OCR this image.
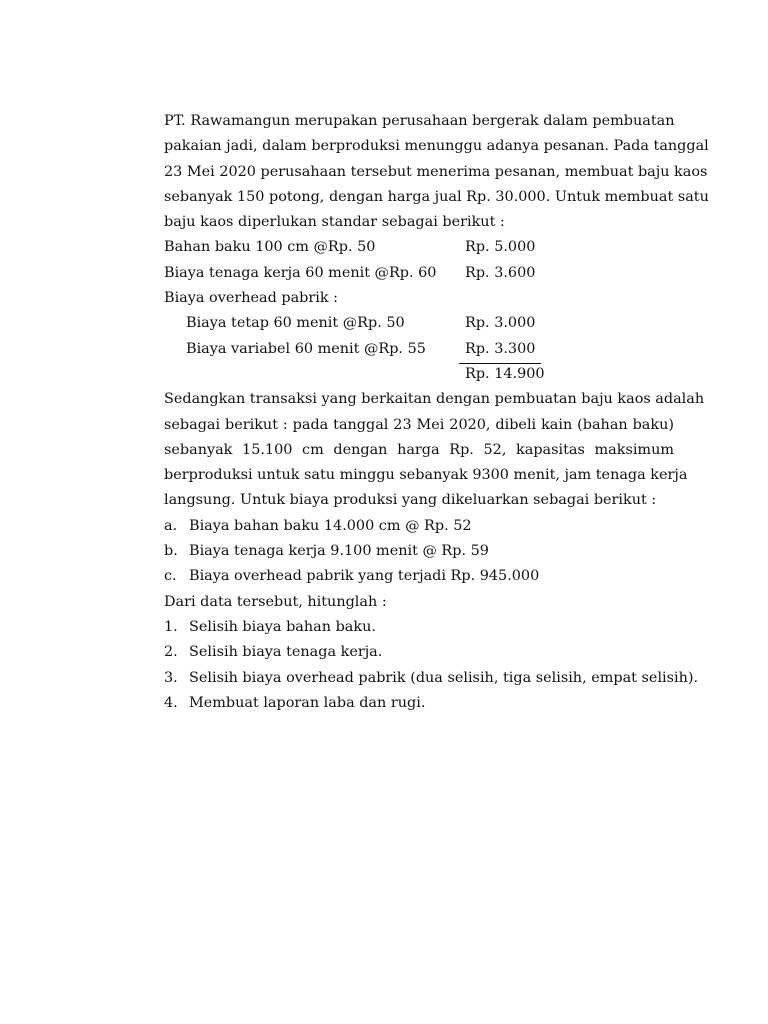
PT. Rawamangun merupakan perusahaan bergerak dalam pembuatan
pakaian jadi, dalam berproduksi menunggu adanya pesanan. Pada tanggal
23 Mei 2020 perusahaan tersebut menerima pesanan, membuat baju kaos
sebanyak 150 potong, dengan harga jual Rp. 30.000. Untuk membuat satu
baju kaos diperlukan standar sebagai berikut :
Bahan baku 100 cm @Rp. 50	Rp. 5.000
Biaya tenaga kerja 60 menit @Rp. 60 Rp. 3.600
Biaya overhead pabrik :
Biaya tetap 60 menit @Rp. 50	Rp. 3.000
Biaya variabel 60 menit @Rp. 55	Rp. 3.300
Rp. 14.900
Sedangkan transaksi yang berkaitan dengan pembuatan baju kaos adalah
sebagai berikut : pada tanggal 23 Mei 2020, dibeli kain (bahan baku)
sebanyak 15.100 cm dengan harga Rp. 52, kapasitas maksimum
berproduksi untuk satu minggu sebanyak 9300 menit, jam tenaga kerja
langsung. Untuk biaya produksi yang dikeluarkan sebagai berikut :
a. Biaya bahan baku 14.000 cm @ Rp. 52
b. Biaya tenaga kerja 9.100 menit @ Rp. 59
c. Biaya overhead pabrik yang terjadi Rp. 945.000
Dari data tersebut, hitunglah :
1. Selisih biaya bahan baku.
2. Selisih biaya tenaga kerja.
3. Selisih biaya overhead pabrik (dua selisih, tiga selisih, empat selisih).
4. Membuat laporan laba dan rugi.
